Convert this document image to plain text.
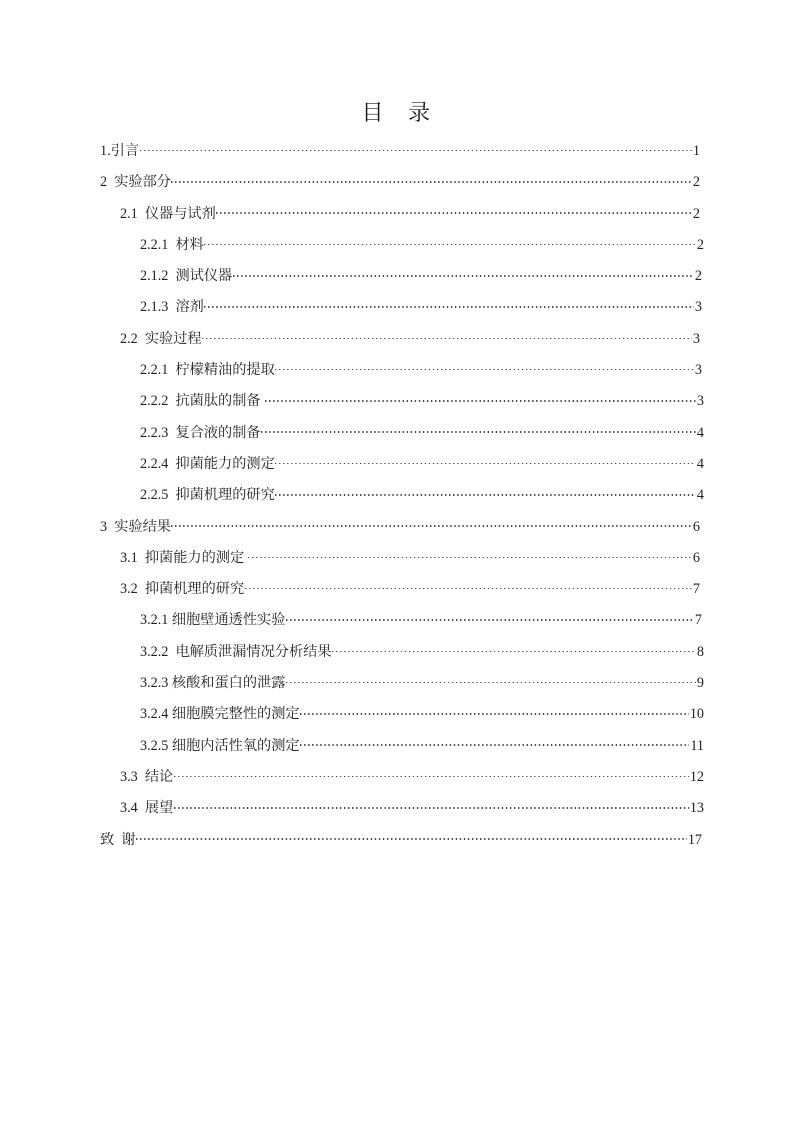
目　录
1.引言	1
2  实验部分	2
2.1  仪器与试剂	2
2.2.1  材料	2
2.1.2  测试仪器	2
2.1.3  溶剂	3
2.2  实验过程	3
2.2.1  柠檬精油的提取	3
2.2.2  抗菌肽的制备	3
2.2.3  复合液的制备	4
2.2.4  抑菌能力的测定	4
2.2.5  抑菌机理的研究	4
3  实验结果	6
3.1  抑菌能力的测定	6
3.2  抑菌机理的研究	7
3.2.1 细胞壁通透性实验	7
3.2.2  电解质泄漏情况分析结果	8
3.2.3 核酸和蛋白的泄露	9
3.2.4 细胞膜完整性的测定	10
3.2.5 细胞内活性氧的测定	11
3.3  结论	12
3.4  展望	13
致  谢	17
